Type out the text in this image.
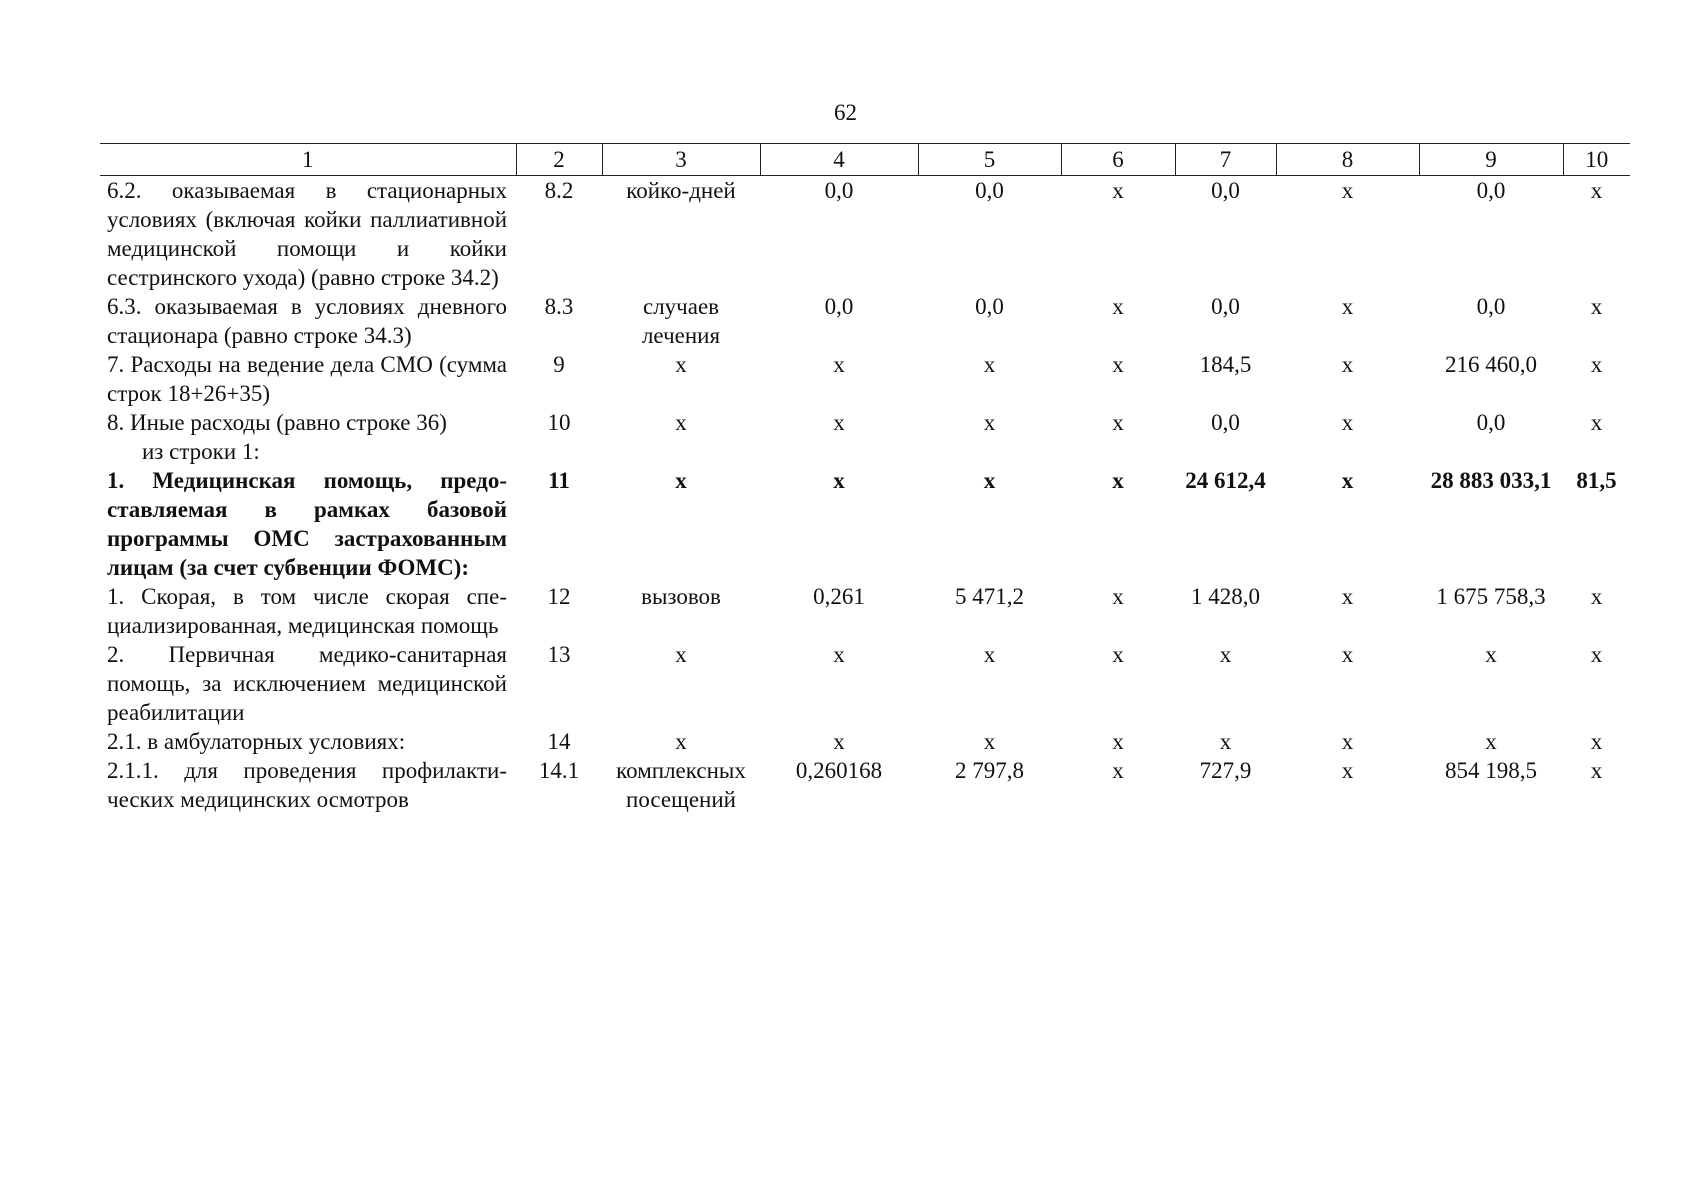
62
1	2	3	4	5	6	7	8	9	10
6.2. оказываемая в стационарных условиях (включая койки паллиативной медицинской помощи и койки сестринского ухода) (равно строке 34.2)	8.2	койко-дней	0,0	0,0	х	0,0	х	0,0	х
6.3. оказываемая в условиях дневного стационара (равно строке 34.3)	8.3	случаев лечения	0,0	0,0	х	0,0	х	0,0	х
7. Расходы на ведение дела СМО (сумма строк 18+26+35)	9	х	х	х	х	184,5	х	216 460,0	х
8. Иные расходы (равно строке 36)	10	х	х	х	х	0,0	х	0,0	х
из строки 1:									
1. Медицинская помощь, предоставляемая в рамках базовой программы ОМС застрахованным лицам (за счет субвенции ФОМС):	11	х	х	х	х	24 612,4	х	28 883 033,1	81,5
1. Скорая, в том числе скорая специализированная, медицинская помощь	12	вызовов	0,261	5 471,2	х	1 428,0	х	1 675 758,3	х
2. Первичная медико-санитарная помощь, за исключением медицинской реабилитации	13	х	х	х	х	х	х	х	х
2.1. в амбулаторных условиях:	14	х	х	х	х	х	х	х	х
2.1.1. для проведения профилактических медицинских осмотров	14.1	комплексных посещений	0,260168	2 797,8	х	727,9	х	854 198,5	х
